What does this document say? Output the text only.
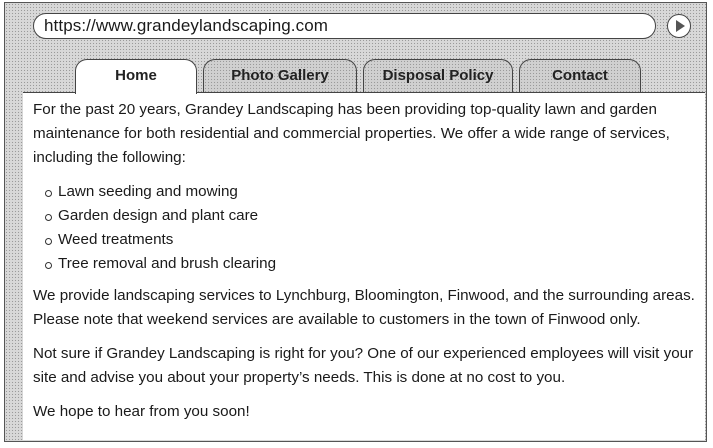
https://www.grandeylandscaping.com
Home	Photo Gallery	Disposal Policy	Contact

For the past 20 years, Grandey Landscaping has been providing top-quality lawn and garden maintenance for both residential and commercial properties. We offer a wide range of services, including the following:

Lawn seeding and mowing
Garden design and plant care
Weed treatments
Tree removal and brush clearing

We provide landscaping services to Lynchburg, Bloomington, Finwood, and the surrounding areas. Please note that weekend services are available to customers in the town of Finwood only.

Not sure if Grandey Landscaping is right for you? One of our experienced employees will visit your site and advise you about your property’s needs. This is done at no cost to you.

We hope to hear from you soon!
